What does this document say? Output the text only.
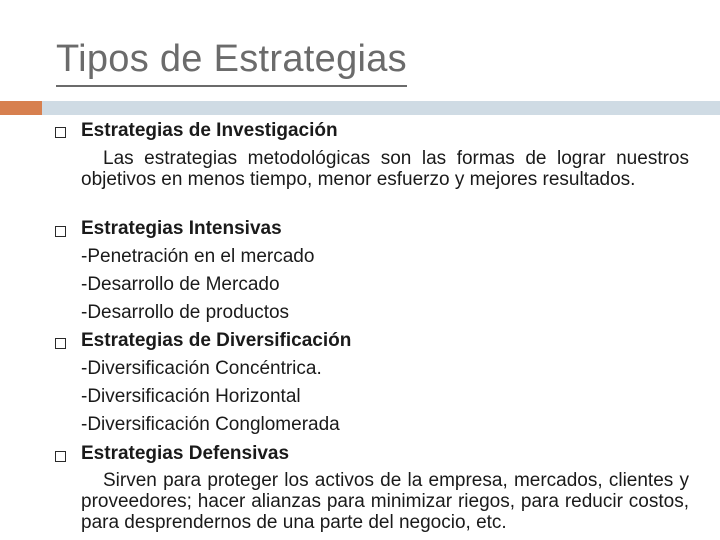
Tipos de Estrategias
Estrategias de Investigación
Las estrategias metodológicas son las formas de lograr nuestros objetivos en menos tiempo, menor esfuerzo y mejores resultados.
Estrategias Intensivas
-Penetración en el mercado
-Desarrollo de Mercado
-Desarrollo de productos
Estrategias de Diversificación
-Diversificación Concéntrica.
-Diversificación Horizontal
-Diversificación Conglomerada
Estrategias Defensivas
Sirven para proteger los activos de la empresa, mercados, clientes y proveedores; hacer alianzas para minimizar riegos, para reducir costos, para desprendernos de una parte del negocio, etc.
